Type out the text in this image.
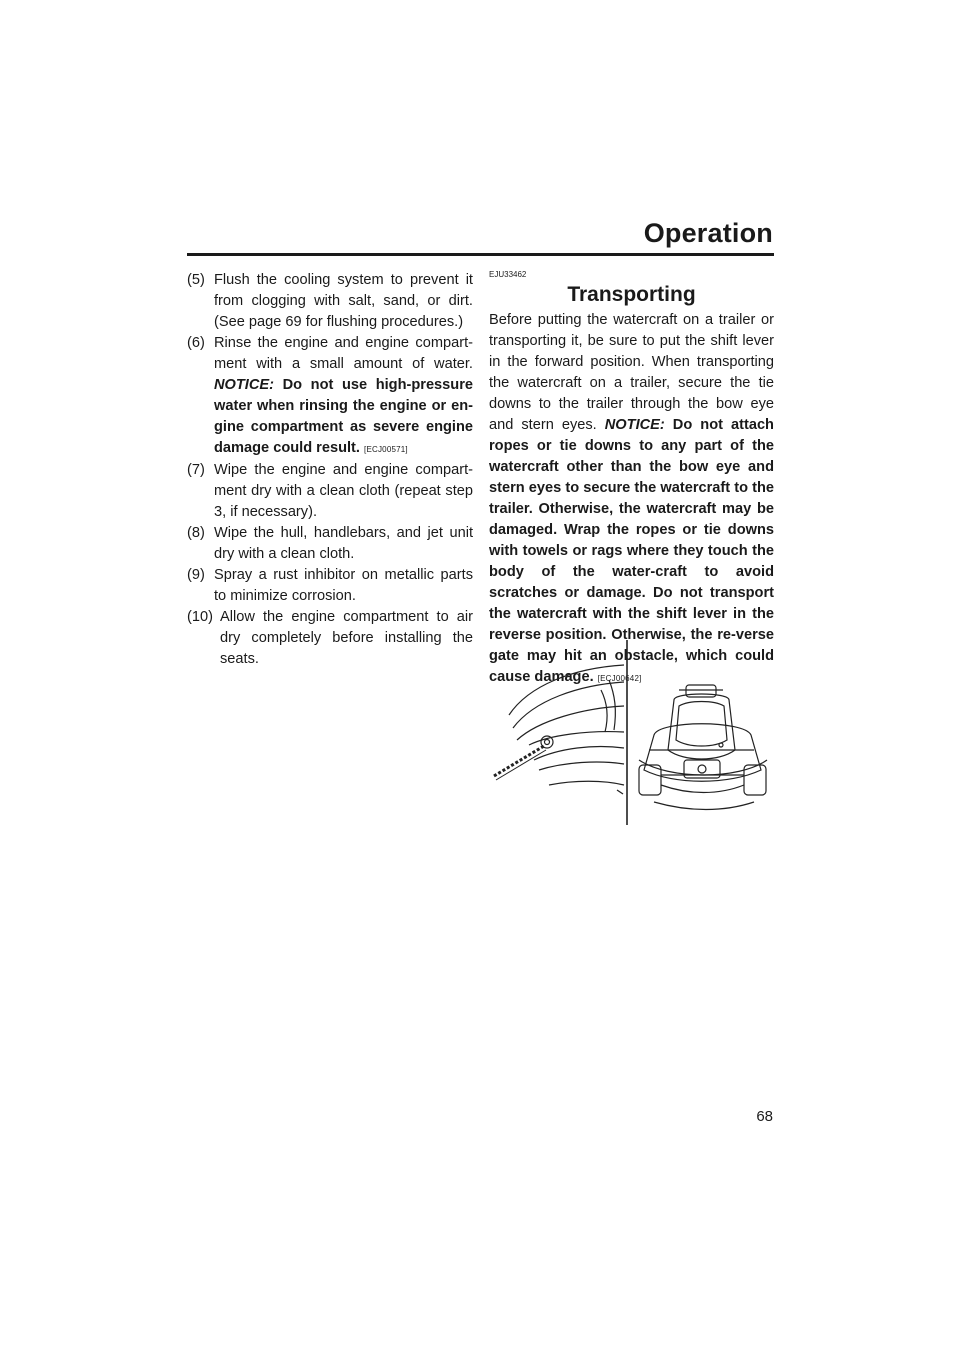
Operation

(5) Flush the cooling system to prevent it from clogging with salt, sand, or dirt. (See page 69 for flushing procedures.)

(6) Rinse the engine and engine compart-ment with a small amount of water. NOTICE: Do not use high-pressure water when rinsing the engine or en-gine compartment as severe engine damage could result. [ECJ00571]

(7) Wipe the engine and engine compart-ment dry with a clean cloth (repeat step 3, if necessary).

(8) Wipe the hull, handlebars, and jet unit dry with a clean cloth.

(9) Spray a rust inhibitor on metallic parts to minimize corrosion.

(10) Allow the engine compartment to air dry completely before installing the seats.

EJU33462

Transporting

Before putting the watercraft on a trailer or transporting it, be sure to put the shift lever in the forward position. When transporting the watercraft on a trailer, secure the tie downs to the trailer through the bow eye and stern eyes. NOTICE: Do not attach ropes or tie downs to any part of the watercraft other than the bow eye and stern eyes to secure the watercraft to the trailer. Otherwise, the watercraft may be damaged. Wrap the ropes or tie downs with towels or rags where they touch the body of the water-craft to avoid scratches or damage. Do not transport the watercraft with the shift lever in the reverse position. Otherwise, the re-verse gate may hit an obstacle, which could cause damage. [ECJ00642]

68
